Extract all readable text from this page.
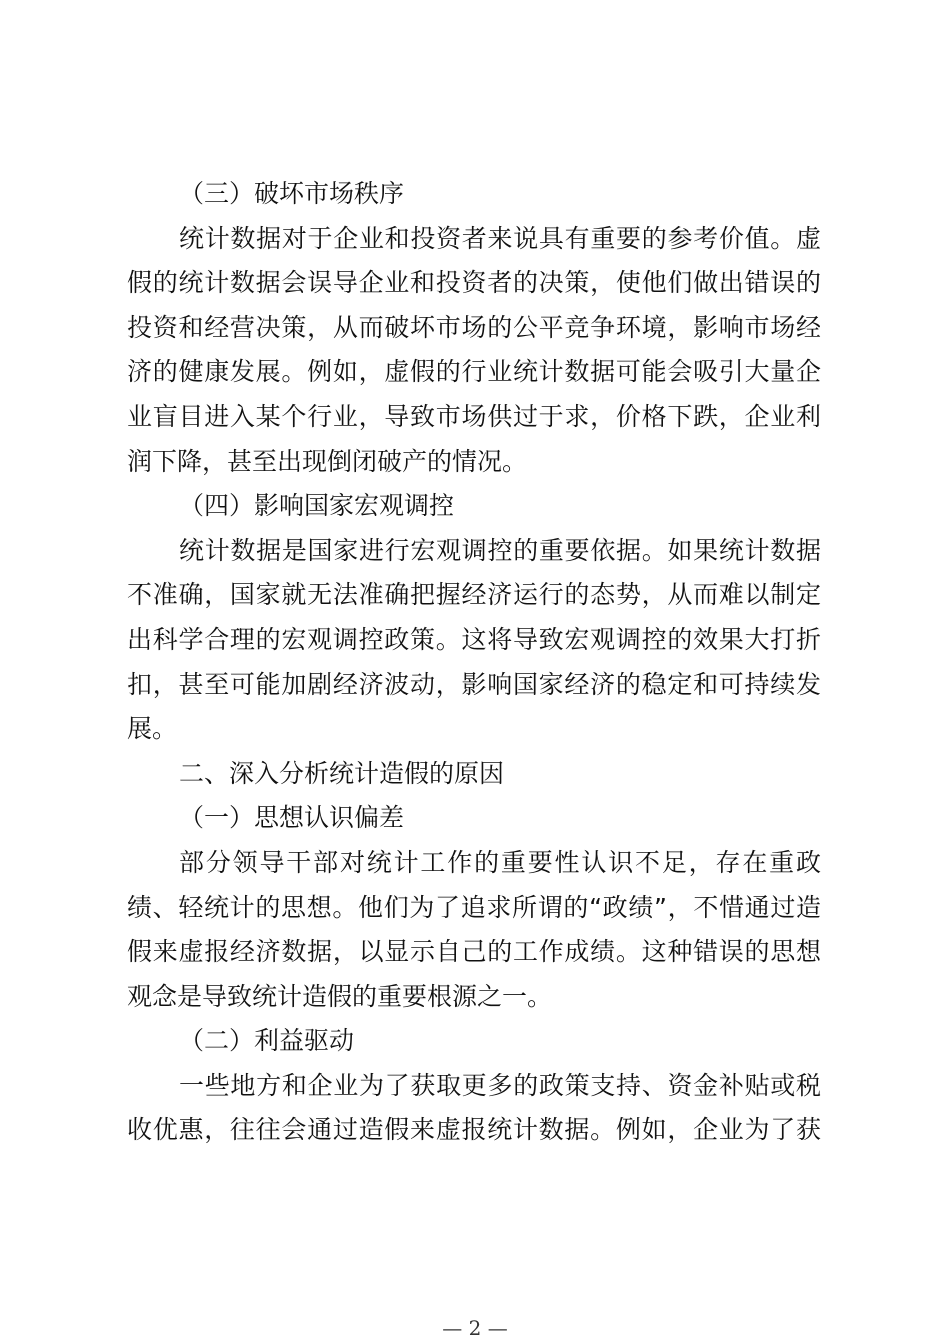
（三）破坏市场秩序
统计数据对于企业和投资者来说具有重要的参考价值。虚
假的统计数据会误导企业和投资者的决策，使他们做出错误的
投资和经营决策，从而破坏市场的公平竞争环境，影响市场经
济的健康发展。例如，虚假的行业统计数据可能会吸引大量企
业盲目进入某个行业，导致市场供过于求，价格下跌，企业利
润下降，甚至出现倒闭破产的情况。
（四）影响国家宏观调控
统计数据是国家进行宏观调控的重要依据。如果统计数据
不准确，国家就无法准确把握经济运行的态势，从而难以制定
出科学合理的宏观调控政策。这将导致宏观调控的效果大打折
扣，甚至可能加剧经济波动，影响国家经济的稳定和可持续发
展。
二、深入分析统计造假的原因
（一）思想认识偏差
部分领导干部对统计工作的重要性认识不足，存在重政
绩、轻统计的思想。他们为了追求所谓的“政绩”，不惜通过造
假来虚报经济数据，以显示自己的工作成绩。这种错误的思想
观念是导致统计造假的重要根源之一。
（二）利益驱动
一些地方和企业为了获取更多的政策支持、资金补贴或税
收优惠，往往会通过造假来虚报统计数据。例如，企业为了获
— 2 —
